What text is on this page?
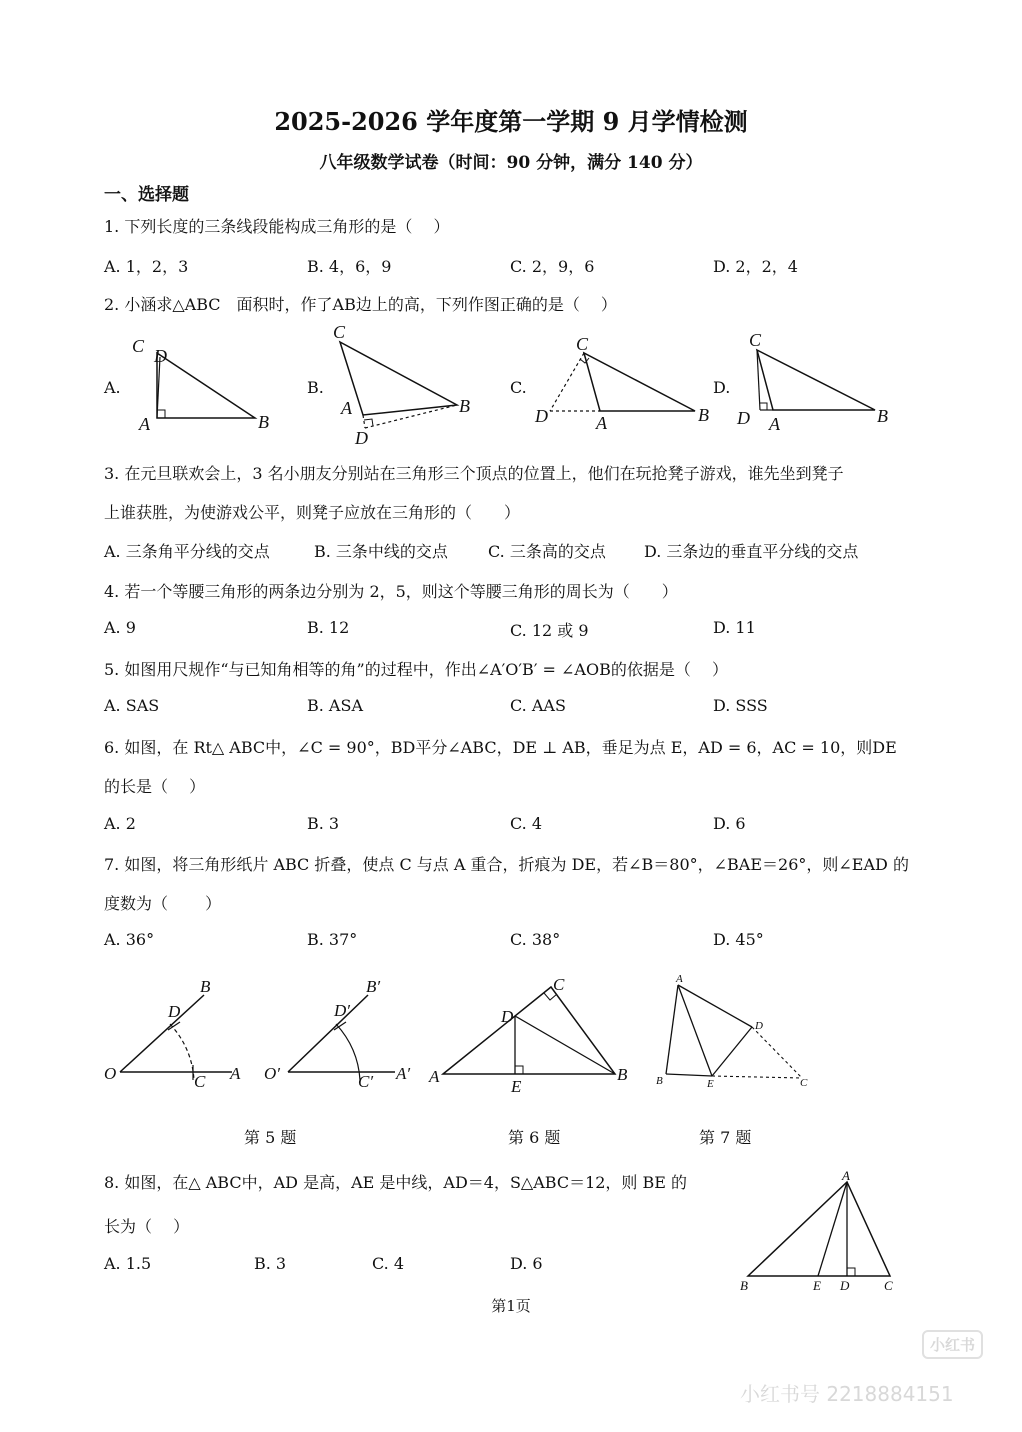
2025-2026 学年度第一学期 9 月学情检测
八年级数学试卷（时间：90 分钟，满分 140 分）
一、选择题
1. 下列长度的三条线段能构成三角形的是（　 ）
A. 1，2，3	B. 4，6，9	C. 2，9，6	D. 2，2，4
2. 小涵求△ABC　面积时，作了AB边上的高，下列作图正确的是（　 ）
A.	B.	C.	D.
C D
A	B
C
A	B
D
C
D	A	B
C
D A	B
3. 在元旦联欢会上，3 名小朋友分别站在三角形三个顶点的位置上，他们在玩抢凳子游戏，谁先坐到凳子
上谁获胜，为使游戏公平，则凳子应放在三角形的（　　）
A. 三条角平分线的交点	B. 三条中线的交点	C. 三条高的交点 D. 三条边的垂直平分线的交点
4. 若一个等腰三角形的两条边分别为 2，5，则这个等腰三角形的周长为（　　）
A. 9	B. 12	C. 12 或 9	D. 11
5. 如图用尺规作“与已知角相等的角”的过程中，作出∠A′O′B′ = ∠AOB的依据是（　 ）
A. SAS	B. ASA	C. AAS	D. SSS
6. 如图，在 Rt△ ABC中，∠C = 90°，BD平分∠ABC，DE ⊥ AB，垂足为点 E，AD = 6，AC = 10，则DE
的长是（　 ）
A. 2	B. 3	C. 4	D. 6
7. 如图，将三角形纸片 ABC 折叠，使点 C 与点 A 重合，折痕为 DE，若∠B＝80°，∠BAE＝26°，则∠EAD 的
度数为（　　 ）
A. 36°	B. 37°	C. 38°	D. 45°
O
B
D
C A O′
B′
D′
C′ A′
C
D
A
E
B
A
D
B	E	C
第 5 题	第 6 题	第 7 题
8. 如图，在△ ABC中，AD 是高，AE 是中线，AD＝4，S△ABC＝12，则 BE 的
长为（　 ）
A. 1.5	B. 3	C. 4	D. 6
A
B	E D	C
第1页
小红书
小红书号 2218884151
